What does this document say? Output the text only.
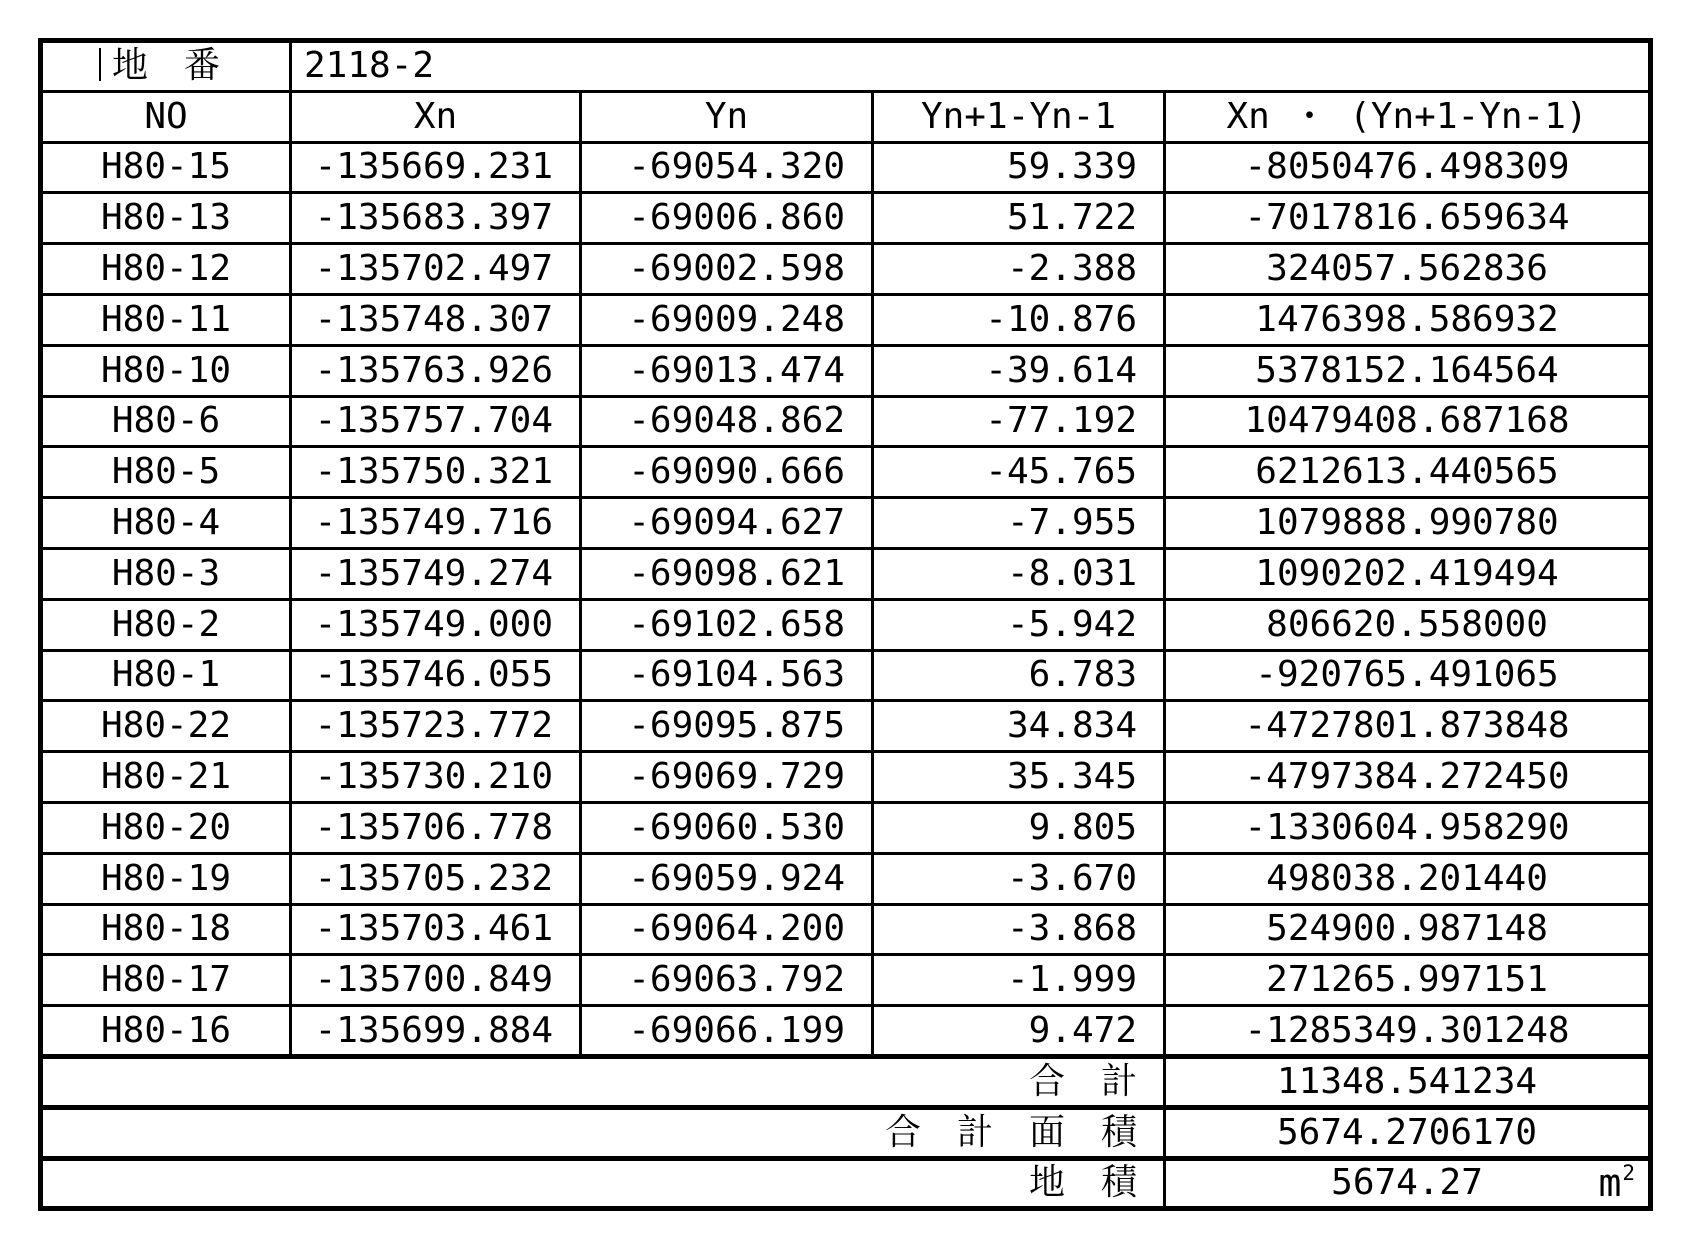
地　番	2118-2			
NO	Xn	Yn	Yn+1-Yn-1	Xn ・ (Yn+1-Yn-1)
H80-15	-135669.231	-69054.320	59.339	-8050476.498309
H80-13	-135683.397	-69006.860	51.722	-7017816.659634
H80-12	-135702.497	-69002.598	-2.388	324057.562836
H80-11	-135748.307	-69009.248	-10.876	1476398.586932
H80-10	-135763.926	-69013.474	-39.614	5378152.164564
H80-6	-135757.704	-69048.862	-77.192	10479408.687168
H80-5	-135750.321	-69090.666	-45.765	6212613.440565
H80-4	-135749.716	-69094.627	-7.955	1079888.990780
H80-3	-135749.274	-69098.621	-8.031	1090202.419494
H80-2	-135749.000	-69102.658	-5.942	806620.558000
H80-1	-135746.055	-69104.563	6.783	-920765.491065
H80-22	-135723.772	-69095.875	34.834	-4727801.873848
H80-21	-135730.210	-69069.729	35.345	-4797384.272450
H80-20	-135706.778	-69060.530	9.805	-1330604.958290
H80-19	-135705.232	-69059.924	-3.670	498038.201440
H80-18	-135703.461	-69064.200	-3.868	524900.987148
H80-17	-135700.849	-69063.792	-1.999	271265.997151
H80-16	-135699.884	-69066.199	9.472	-1285349.301248
合　計				11348.541234
合　計　面　積				5674.2706170
地　積				5674.27 $m^2$
